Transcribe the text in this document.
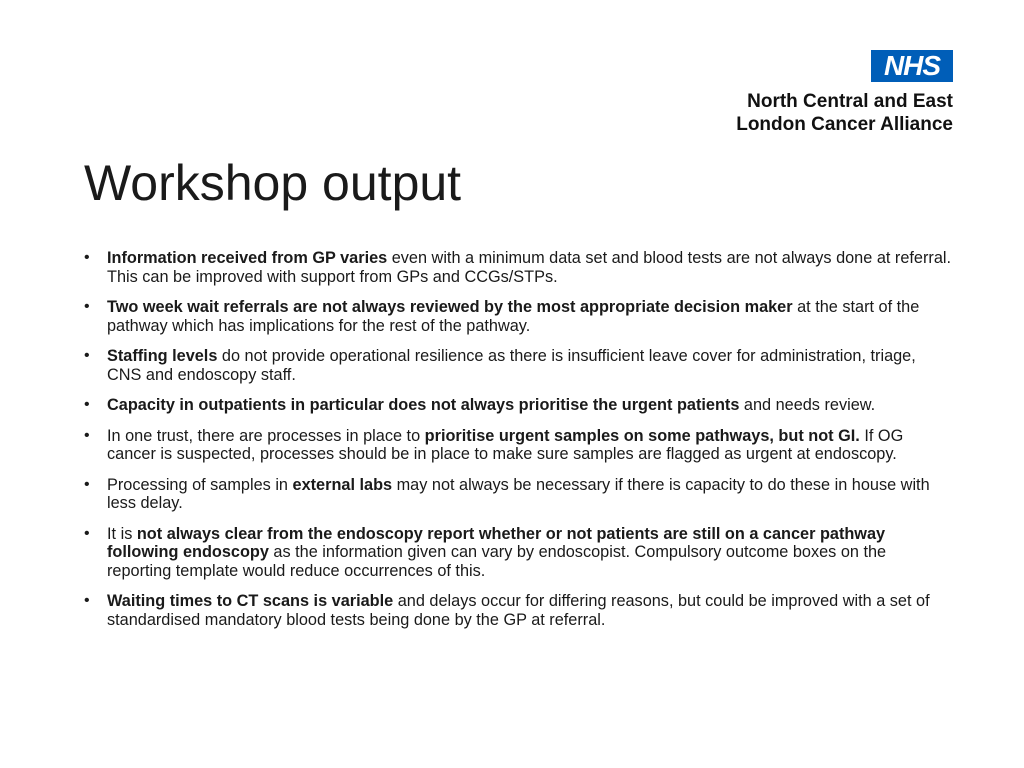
NHS
North Central and East
London Cancer Alliance
Workshop output
• Information received from GP varies even with a minimum data set and blood tests are not always done at referral. This can be improved with support from GPs and CCGs/STPs.
• Two week wait referrals are not always reviewed by the most appropriate decision maker at the start of the pathway which has implications for the rest of the pathway.
• Staffing levels do not provide operational resilience as there is insufficient leave cover for administration, triage, CNS and endoscopy staff.
• Capacity in outpatients in particular does not always prioritise the urgent patients and needs review.
• In one trust, there are processes in place to prioritise urgent samples on some pathways, but not GI. If OG cancer is suspected, processes should be in place to make sure samples are flagged as urgent at endoscopy.
• Processing of samples in external labs may not always be necessary if there is capacity to do these in house with less delay.
• It is not always clear from the endoscopy report whether or not patients are still on a cancer pathway following endoscopy as the information given can vary by endoscopist. Compulsory outcome boxes on the reporting template would reduce occurrences of this.
• Waiting times to CT scans is variable and delays occur for differing reasons, but could be improved with a set of standardised mandatory blood tests being done by the GP at referral.
